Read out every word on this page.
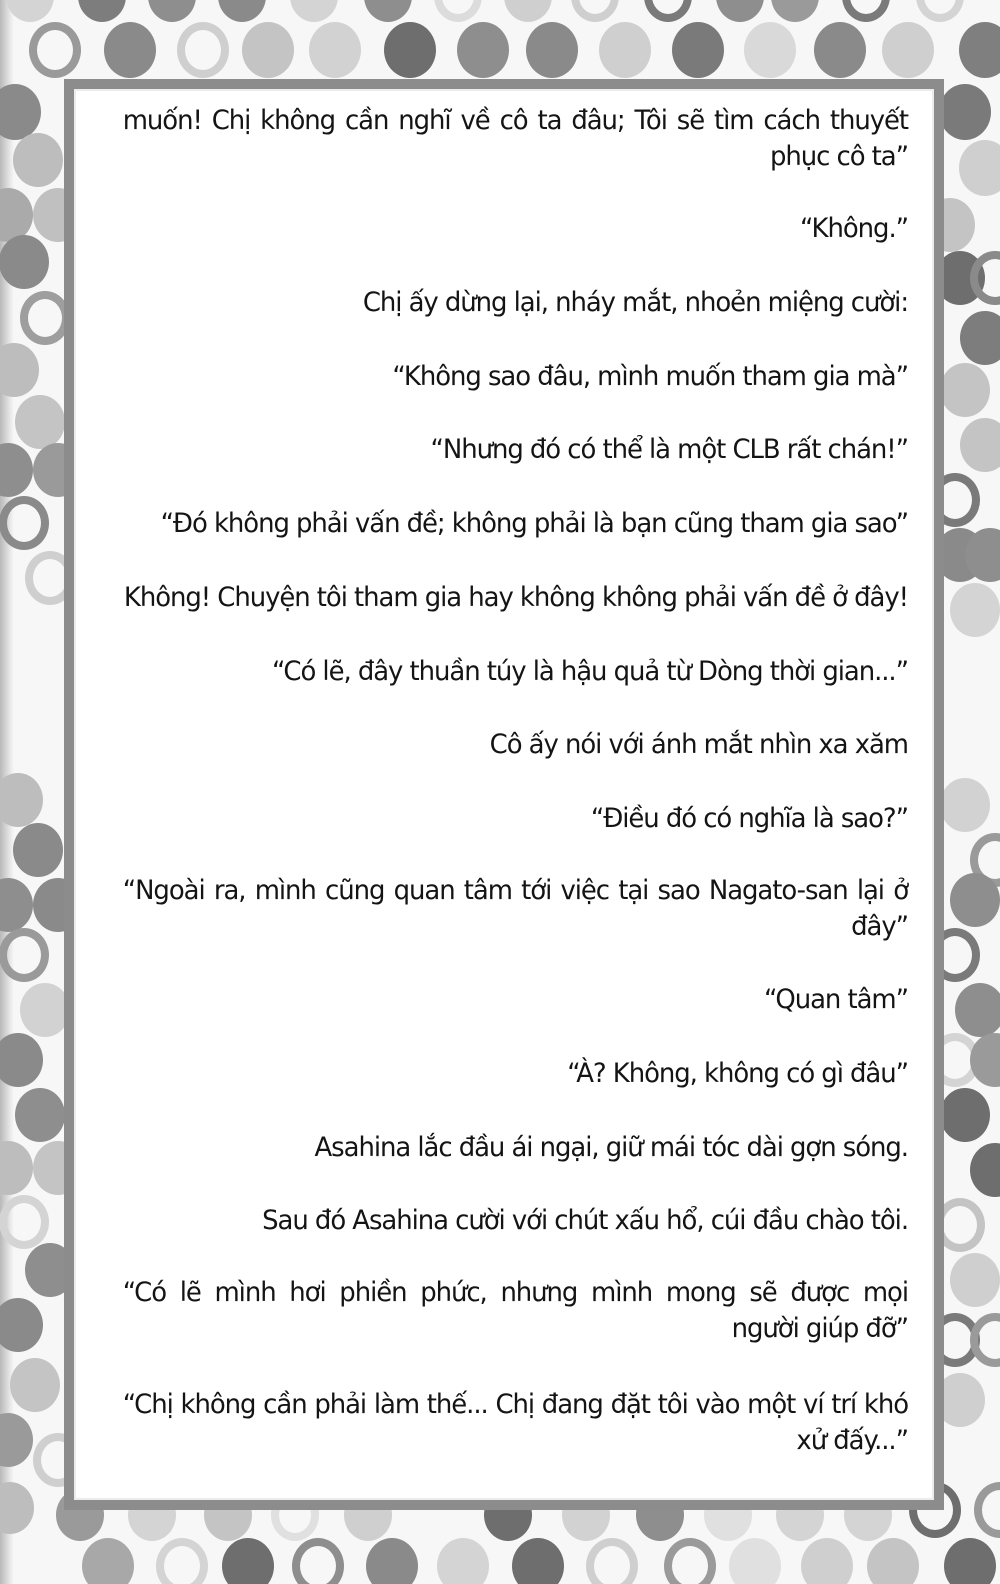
muốn! Chị không cần nghĩ về cô ta đâu; Tôi sẽ tìm cách thuyết phục cô ta”

“Không.”

Chị ấy dừng lại, nháy mắt, nhoẻn miệng cười:

“Không sao đâu, mình muốn tham gia mà”

“Nhưng đó có thể là một CLB rất chán!”

“Đó không phải vấn đề; không phải là bạn cũng tham gia sao”

Không! Chuyện tôi tham gia hay không không phải vấn đề ở đây!

“Có lẽ, đây thuần túy là hậu quả từ Dòng thời gian...”

Cô ấy nói với ánh mắt nhìn xa xăm

“Điều đó có nghĩa là sao?”

“Ngoài ra, mình cũng quan tâm tới việc tại sao Nagato-san lại ở đây”

“Quan tâm”

“À? Không, không có gì đâu”

Asahina lắc đầu ái ngại, giữ mái tóc dài gợn sóng.

Sau đó Asahina cười với chút xấu hổ, cúi đầu chào tôi.

“Có lẽ mình hơi phiền phức, nhưng mình mong sẽ được mọi người giúp đỡ”

“Chị không cần phải làm thế... Chị đang đặt tôi vào một ví trí khó xử đấy...”
